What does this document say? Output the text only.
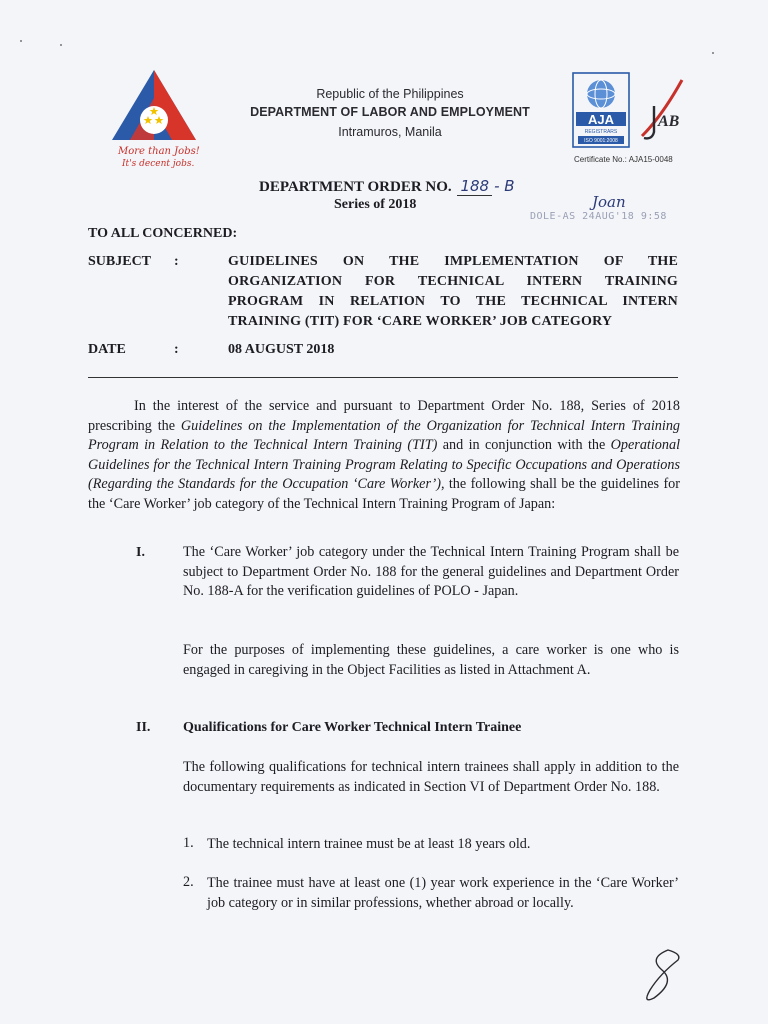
More than Jobs!
It's decent jobs.
Republic of the Philippines
DEPARTMENT OF LABOR AND EMPLOYMENT
Intramuros, Manila
AJA
REGISTRARS
ISO 9001:2008
AB
Certificate No.: AJA15-0048
DEPARTMENT ORDER NO. 188 - B
Series of 2018	Joan
DOLE-AS 24AUG'18 9:58
TO ALL CONCERNED:
SUBJECT :	GUIDELINES ON THE IMPLEMENTATION OF THE ORGANIZATION FOR TECHNICAL INTERN TRAINING PROGRAM IN RELATION TO THE TECHNICAL INTERN TRAINING (TIT) FOR ‘CARE WORKER’ JOB CATEGORY
DATE	:	08 AUGUST 2018
In the interest of the service and pursuant to Department Order No. 188, Series of 2018 prescribing the Guidelines on the Implementation of the Organization for Technical Intern Training Program in Relation to the Technical Intern Training (TIT) and in conjunction with the Operational Guidelines for the Technical Intern Training Program Relating to Specific Occupations and Operations (Regarding the Standards for the Occupation ‘Care Worker’), the following shall be the guidelines for the ‘Care Worker’ job category of the Technical Intern Training Program of Japan:
I.	The ‘Care Worker’ job category under the Technical Intern Training Program shall be subject to Department Order No. 188 for the general guidelines and Department Order No. 188-A for the verification guidelines of POLO - Japan.
For the purposes of implementing these guidelines, a care worker is one who is engaged in caregiving in the Object Facilities as listed in Attachment A.
II. Qualifications for Care Worker Technical Intern Trainee
The following qualifications for technical intern trainees shall apply in addition to the documentary requirements as indicated in Section VI of Department Order No. 188.
1. The technical intern trainee must be at least 18 years old.
2. The trainee must have at least one (1) year work experience in the ‘Care Worker’ job category or in similar professions, whether abroad or locally.
